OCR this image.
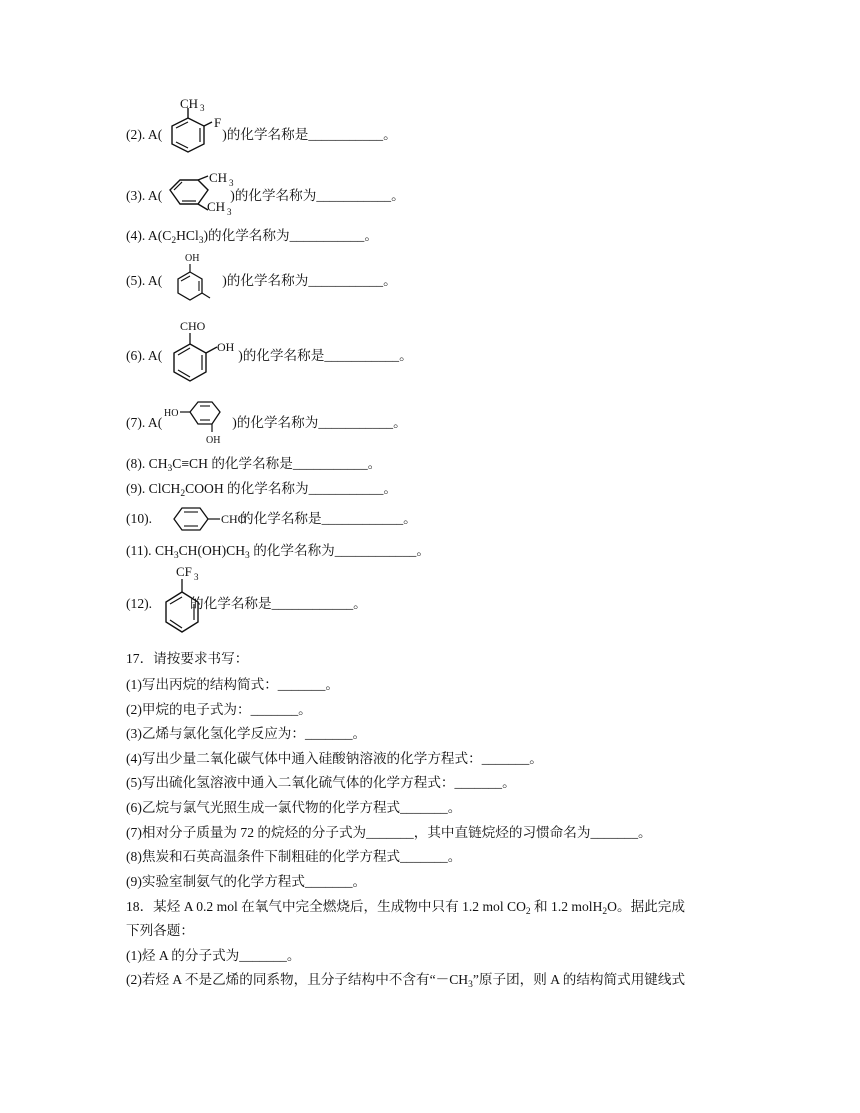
(2). A(	)的化学名称是___________。
CH 3
F
(3). A(	)的化学名称为___________。
CH 3
CH 3
(4). $A(C_2HCl_3)$的化学名称为___________。
(5). A(	)的化学名称为___________。
OH
(6). A(	)的化学名称是___________。
CHO
OH
(7). A(	)的化学名称为___________。
HO
OH
(8). $CH_3C\equiv CH$ 的化学名称是___________。
(9). ClCH$_2$COOH 的化学名称为___________。
(10).	的化学名称是____________。
CHO
(11). $CH_3CH(OH)CH_3$ 的化学名称为____________。
(12).	的化学名称是____________。
CF 3
17．请按要求书写：
(1)写出丙烷的结构简式：_______。
(2)甲烷的电子式为：_______。
(3)乙烯与氯化氢化学反应为：_______。
(4)写出少量二氧化碳气体中通入硅酸钠溶液的化学方程式：_______。
(5)写出硫化氢溶液中通入二氧化硫气体的化学方程式：_______。
(6)乙烷与氯气光照生成一氯代物的化学方程式_______。
(7)相对分子质量为 72 的烷烃的分子式为_______，其中直链烷烃的习惯命名为_______。
(8)焦炭和石英高温条件下制粗硅的化学方程式_______。
(9)实验室制氨气的化学方程式_______。
18．某烃 A 0.2 mol 在氧气中完全燃烧后，生成物中只有 1.2 mol $CO_2$ 和 1.2 molH$_2$O。据此完成
下列各题：
(1)烃 A 的分子式为_______。
(2)若烃 A 不是乙烯的同系物，且分子结构中不含有“$-CH_3$”原子团，则 A 的结构简式用键线式
